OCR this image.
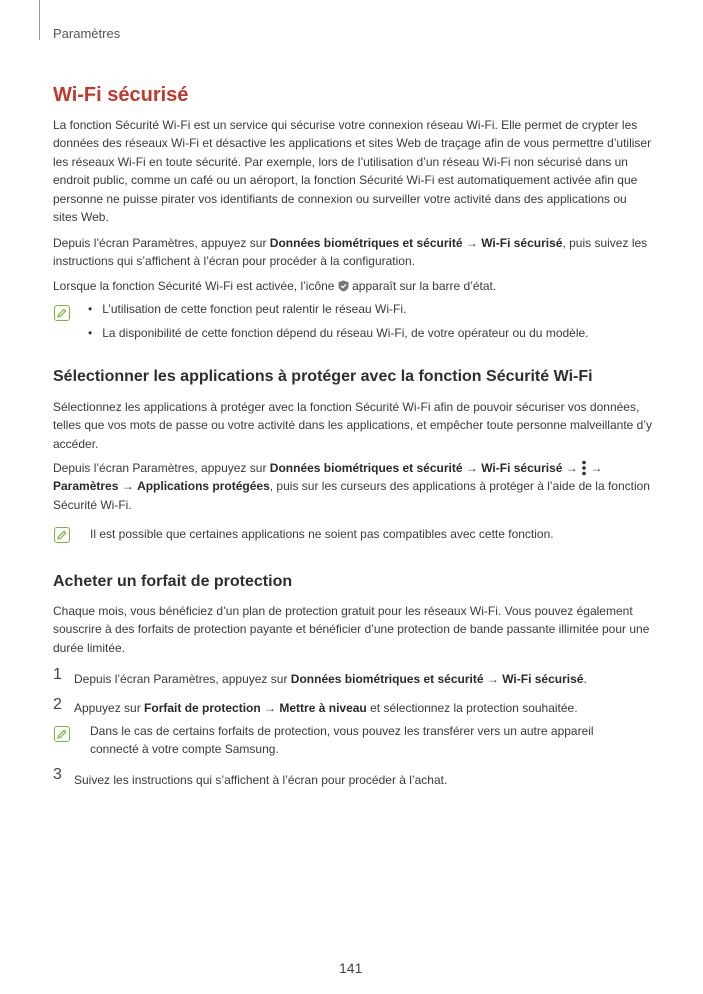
Paramètres
Wi-Fi sécurisé

La fonction Sécurité Wi-Fi est un service qui sécurise votre connexion réseau Wi-Fi. Elle permet de crypter les données des réseaux Wi-Fi et désactive les applications et sites Web de traçage afin de vous permettre d’utiliser les réseaux Wi-Fi en toute sécurité. Par exemple, lors de l’utilisation d’un réseau Wi-Fi non sécurisé dans un endroit public, comme un café ou un aéroport, la fonction Sécurité Wi-Fi est automatiquement activée afin que personne ne puisse pirater vos identifiants de connexion ou surveiller votre activité dans des applications ou sites Web.

Depuis l’écran Paramètres, appuyez sur Données biométriques et sécurité → Wi-Fi sécurisé, puis suivez les instructions qui s’affichent à l’écran pour procéder à la configuration.

Lorsque la fonction Sécurité Wi-Fi est activée, l’icône  apparaît sur la barre d’état.

•   L’utilisation de cette fonction peut ralentir le réseau Wi-Fi.
•   La disponibilité de cette fonction dépend du réseau Wi-Fi, de votre opérateur ou du modèle.
Sélectionner les applications à protéger avec la fonction Sécurité Wi-Fi

Sélectionnez les applications à protéger avec la fonction Sécurité Wi-Fi afin de pouvoir sécuriser vos données, telles que vos mots de passe ou votre activité dans les applications, et empêcher toute personne malveillante d’y accéder.

Depuis l’écran Paramètres, appuyez sur Données biométriques et sécurité → Wi-Fi sécurisé →  → Paramètres → Applications protégées, puis sur les curseurs des applications à protéger à l’aide de la fonction Sécurité Wi-Fi.

Il est possible que certaines applications ne soient pas compatibles avec cette fonction.
Acheter un forfait de protection

Chaque mois, vous bénéficiez d’un plan de protection gratuit pour les réseaux Wi-Fi. Vous pouvez également souscrire à des forfaits de protection payante et bénéficier d’une protection de bande passante illimitée pour une durée limitée.

1 Depuis l’écran Paramètres, appuyez sur Données biométriques et sécurité → Wi-Fi sécurisé.

2 Appuyez sur Forfait de protection → Mettre à niveau et sélectionnez la protection souhaitée.

Dans le cas de certains forfaits de protection, vous pouvez les transférer vers un autre appareil connecté à votre compte Samsung.

3 Suivez les instructions qui s’affichent à l’écran pour procéder à l’achat.

141
